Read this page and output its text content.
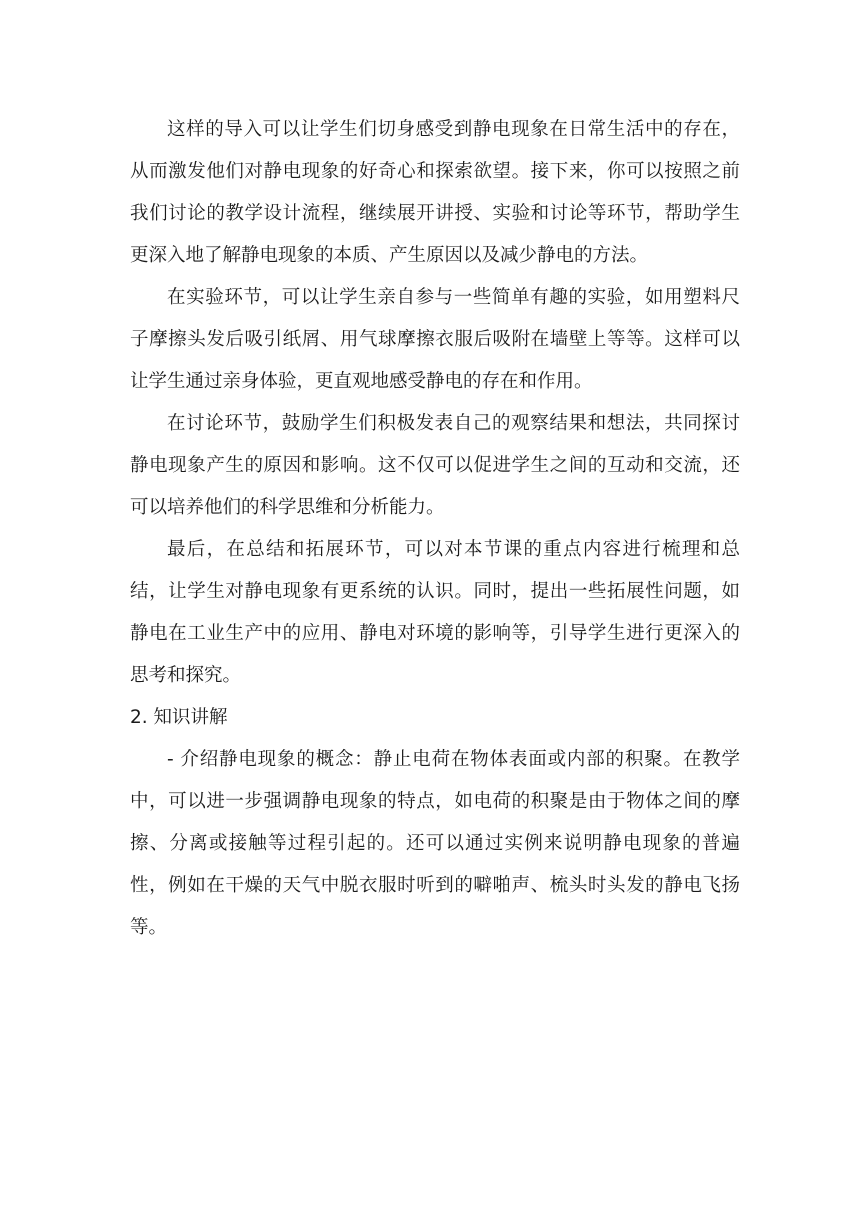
这样的导入可以让学生们切身感受到静电现象在日常生活中的存在，从而激发他们对静电现象的好奇心和探索欲望。接下来，你可以按照之前我们讨论的教学设计流程，继续展开讲授、实验和讨论等环节，帮助学生更深入地了解静电现象的本质、产生原因以及减少静电的方法。

在实验环节，可以让学生亲自参与一些简单有趣的实验，如用塑料尺子摩擦头发后吸引纸屑、用气球摩擦衣服后吸附在墙壁上等等。这样可以让学生通过亲身体验，更直观地感受静电的存在和作用。

在讨论环节，鼓励学生们积极发表自己的观察结果和想法，共同探讨静电现象产生的原因和影响。这不仅可以促进学生之间的互动和交流，还可以培养他们的科学思维和分析能力。

最后，在总结和拓展环节，可以对本节课的重点内容进行梳理和总结，让学生对静电现象有更系统的认识。同时，提出一些拓展性问题，如静电在工业生产中的应用、静电对环境的影响等，引导学生进行更深入的思考和探究。

2. 知识讲解

- 介绍静电现象的概念：静止电荷在物体表面或内部的积聚。在教学中，可以进一步强调静电现象的特点，如电荷的积聚是由于物体之间的摩擦、分离或接触等过程引起的。还可以通过实例来说明静电现象的普遍性，例如在干燥的天气中脱衣服时听到的噼啪声、梳头时头发的静电飞扬等。
